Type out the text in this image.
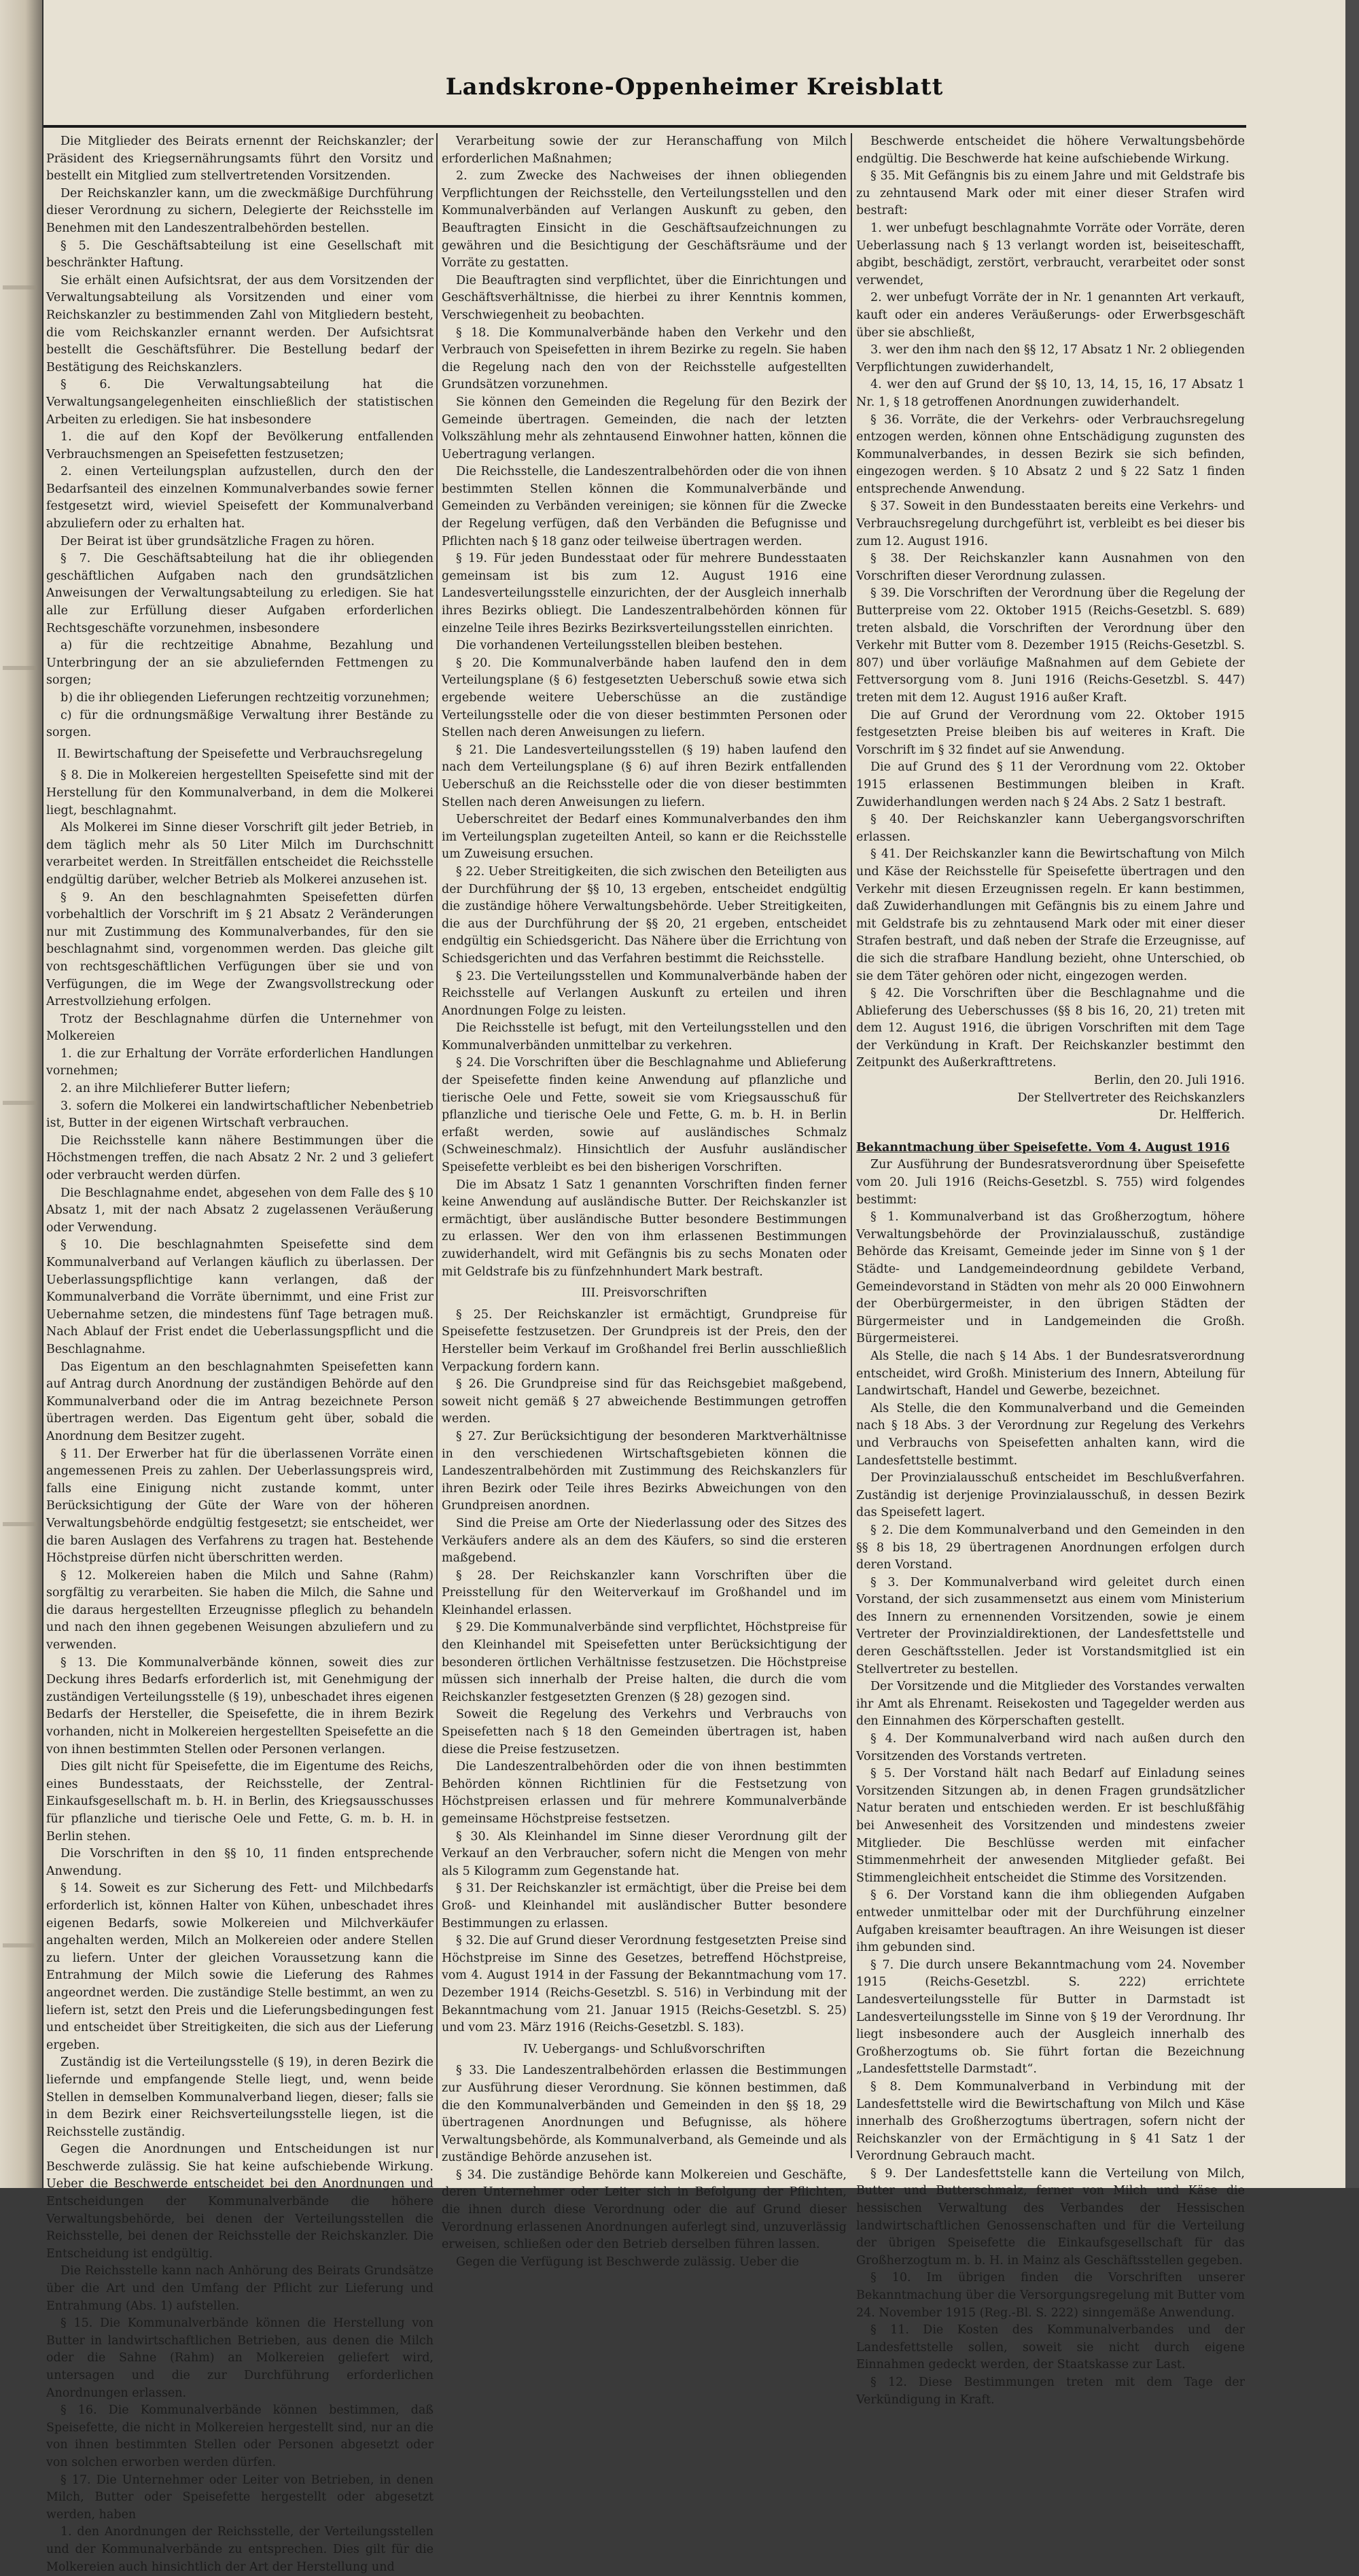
Landskrone-Oppenheimer Kreisblatt

Die Mitglieder des Beirats ernennt der Reichskanzler; der Präsident des Kriegsernährungsamts führt den Vorsitz und bestellt ein Mitglied zum stellvertretenden Vorsitzenden.

Der Reichskanzler kann, um die zweckmäßige Durchführung dieser Verordnung zu sichern, Delegierte der Reichsstelle im Benehmen mit den Landeszentralbehörden bestellen.

§ 5. Die Geschäftsabteilung ist eine Gesellschaft mit beschränkter Haftung.

Sie erhält einen Aufsichtsrat, der aus dem Vorsitzenden der Verwaltungsabteilung als Vorsitzenden und einer vom Reichskanzler zu bestimmenden Zahl von Mitgliedern besteht, die vom Reichskanzler ernannt werden. Der Aufsichtsrat bestellt die Geschäftsführer. Die Bestellung bedarf der Bestätigung des Reichskanzlers.

§ 6. Die Verwaltungsabteilung hat die Verwaltungsangelegenheiten einschließlich der statistischen Arbeiten zu erledigen. Sie hat insbesondere

1. die auf den Kopf der Bevölkerung entfallenden Verbrauchsmengen an Speisefetten festzusetzen;

2. einen Verteilungsplan aufzustellen, durch den der Bedarfsanteil des einzelnen Kommunalverbandes sowie ferner festgesetzt wird, wieviel Speisefett der Kommunalverband abzuliefern oder zu erhalten hat.

Der Beirat ist über grundsätzliche Fragen zu hören.

§ 7. Die Geschäftsabteilung hat die ihr obliegenden geschäftlichen Aufgaben nach den grundsätzlichen Anweisungen der Verwaltungsabteilung zu erledigen. Sie hat alle zur Erfüllung dieser Aufgaben erforderlichen Rechtsgeschäfte vorzunehmen, insbesondere

a) für die rechtzeitige Abnahme, Bezahlung und Unterbringung der an sie abzuliefernden Fettmengen zu sorgen;

b) die ihr obliegenden Lieferungen rechtzeitig vorzunehmen;

c) für die ordnungsmäßige Verwaltung ihrer Bestände zu sorgen.

II. Bewirtschaftung der Speisefette und Verbrauchsregelung

§ 8. Die in Molkereien hergestellten Speisefette sind mit der Herstellung für den Kommunalverband, in dem die Molkerei liegt, beschlagnahmt.

Als Molkerei im Sinne dieser Vorschrift gilt jeder Betrieb, in dem täglich mehr als 50 Liter Milch im Durchschnitt verarbeitet werden. In Streitfällen entscheidet die Reichsstelle endgültig darüber, welcher Betrieb als Molkerei anzusehen ist.

§ 9. An den beschlagnahmten Speisefetten dürfen vorbehaltlich der Vorschrift im § 21 Absatz 2 Veränderungen nur mit Zustimmung des Kommunalverbandes, für den sie beschlagnahmt sind, vorgenommen werden. Das gleiche gilt von rechtsgeschäftlichen Verfügungen über sie und von Verfügungen, die im Wege der Zwangsvollstreckung oder Arrestvollziehung erfolgen.

Trotz der Beschlagnahme dürfen die Unternehmer von Molkereien

1. die zur Erhaltung der Vorräte erforderlichen Handlungen vornehmen;

2. an ihre Milchlieferer Butter liefern;

3. sofern die Molkerei ein landwirtschaftlicher Nebenbetrieb ist, Butter in der eigenen Wirtschaft verbrauchen.

Die Reichsstelle kann nähere Bestimmungen über die Höchstmengen treffen, die nach Absatz 2 Nr. 2 und 3 geliefert oder verbraucht werden dürfen.

Die Beschlagnahme endet, abgesehen von dem Falle des § 10 Absatz 1, mit der nach Absatz 2 zugelassenen Veräußerung oder Verwendung.

§ 10. Die beschlagnahmten Speisefette sind dem Kommunalverband auf Verlangen käuflich zu überlassen. Der Ueberlassungspflichtige kann verlangen, daß der Kommunalverband die Vorräte übernimmt, und eine Frist zur Uebernahme setzen, die mindestens fünf Tage betragen muß. Nach Ablauf der Frist endet die Ueberlassungspflicht und die Beschlagnahme.

Das Eigentum an den beschlagnahmten Speisefetten kann auf Antrag durch Anordnung der zuständigen Behörde auf den Kommunalverband oder die im Antrag bezeichnete Person übertragen werden. Das Eigentum geht über, sobald die Anordnung dem Besitzer zugeht.

§ 11. Der Erwerber hat für die überlassenen Vorräte einen angemessenen Preis zu zahlen. Der Ueberlassungspreis wird, falls eine Einigung nicht zustande kommt, unter Berücksichtigung der Güte der Ware von der höheren Verwaltungsbehörde endgültig festgesetzt; sie entscheidet, wer die baren Auslagen des Verfahrens zu tragen hat. Bestehende Höchstpreise dürfen nicht überschritten werden.

§ 12. Molkereien haben die Milch und Sahne (Rahm) sorgfältig zu verarbeiten. Sie haben die Milch, die Sahne und die daraus hergestellten Erzeugnisse pfleglich zu behandeln und nach den ihnen gegebenen Weisungen abzuliefern und zu verwenden.

§ 13. Die Kommunalverbände können, soweit dies zur Deckung ihres Bedarfs erforderlich ist, mit Genehmigung der zuständigen Verteilungsstelle (§ 19), unbeschadet ihres eigenen Bedarfs der Hersteller, die Speisefette, die in ihrem Bezirk vorhanden, nicht in Molkereien hergestellten Speisefette an die von ihnen bestimmten Stellen oder Personen verlangen.

Dies gilt nicht für Speisefette, die im Eigentume des Reichs, eines Bundesstaats, der Reichsstelle, der Zentral-Einkaufsgesellschaft m. b. H. in Berlin, des Kriegsausschusses für pflanzliche und tierische Oele und Fette, G. m. b. H. in Berlin stehen.

Die Vorschriften in den §§ 10, 11 finden entsprechende Anwendung.

§ 14. Soweit es zur Sicherung des Fett- und Milchbedarfs erforderlich ist, können Halter von Kühen, unbeschadet ihres eigenen Bedarfs, sowie Molkereien und Milchverkäufer angehalten werden, Milch an Molkereien oder andere Stellen zu liefern. Unter der gleichen Voraussetzung kann die Entrahmung der Milch sowie die Lieferung des Rahmes angeordnet werden. Die zuständige Stelle bestimmt, an wen zu liefern ist, setzt den Preis und die Lieferungsbedingungen fest und entscheidet über Streitigkeiten, die sich aus der Lieferung ergeben.

Zuständig ist die Verteilungsstelle (§ 19), in deren Bezirk die liefernde und empfangende Stelle liegt, und, wenn beide Stellen in demselben Kommunalverband liegen, dieser; falls sie in dem Bezirk einer Reichsverteilungsstelle liegen, ist die Reichsstelle zuständig.

Gegen die Anordnungen und Entscheidungen ist nur Beschwerde zulässig. Sie hat keine aufschiebende Wirkung. Ueber die Beschwerde entscheidet bei den Anordnungen und Entscheidungen der Kommunalverbände die höhere Verwaltungsbehörde, bei denen der Verteilungsstellen die Reichsstelle, bei denen der Reichsstelle der Reichskanzler. Die Entscheidung ist endgültig.

Die Reichsstelle kann nach Anhörung des Beirats Grundsätze über die Art und den Umfang der Pflicht zur Lieferung und Entrahmung (Abs. 1) aufstellen.

§ 15. Die Kommunalverbände können die Herstellung von Butter in landwirtschaftlichen Betrieben, aus denen die Milch oder die Sahne (Rahm) an Molkereien geliefert wird, untersagen und die zur Durchführung erforderlichen Anordnungen erlassen.

§ 16. Die Kommunalverbände können bestimmen, daß Speisefette, die nicht in Molkereien hergestellt sind, nur an die von ihnen bestimmten Stellen oder Personen abgesetzt oder von solchen erworben werden dürfen.

§ 17. Die Unternehmer oder Leiter von Betrieben, in denen Milch, Butter oder Speisefette hergestellt oder abgesetzt werden, haben

1. den Anordnungen der Reichsstelle, der Verteilungsstellen und der Kommunalverbände zu entsprechen. Dies gilt für die Molkereien auch hinsichtlich der Art der Herstellung und

Verarbeitung sowie der zur Heranschaffung von Milch erforderlichen Maßnahmen;

2. zum Zwecke des Nachweises der ihnen obliegenden Verpflichtungen der Reichsstelle, den Verteilungsstellen und den Kommunalverbänden auf Verlangen Auskunft zu geben, den Beauftragten Einsicht in die Geschäftsaufzeichnungen zu gewähren und die Besichtigung der Geschäftsräume und der Vorräte zu gestatten.

Die Beauftragten sind verpflichtet, über die Einrichtungen und Geschäftsverhältnisse, die hierbei zu ihrer Kenntnis kommen, Verschwiegenheit zu beobachten.

§ 18. Die Kommunalverbände haben den Verkehr und den Verbrauch von Speisefetten in ihrem Bezirke zu regeln. Sie haben die Regelung nach den von der Reichsstelle aufgestellten Grundsätzen vorzunehmen.

Sie können den Gemeinden die Regelung für den Bezirk der Gemeinde übertragen. Gemeinden, die nach der letzten Volkszählung mehr als zehntausend Einwohner hatten, können die Uebertragung verlangen.

Die Reichsstelle, die Landeszentralbehörden oder die von ihnen bestimmten Stellen können die Kommunalverbände und Gemeinden zu Verbänden vereinigen; sie können für die Zwecke der Regelung verfügen, daß den Verbänden die Befugnisse und Pflichten nach § 18 ganz oder teilweise übertragen werden.

§ 19. Für jeden Bundesstaat oder für mehrere Bundesstaaten gemeinsam ist bis zum 12. August 1916 eine Landesverteilungsstelle einzurichten, der der Ausgleich innerhalb ihres Bezirks obliegt. Die Landeszentralbehörden können für einzelne Teile ihres Bezirks Bezirksverteilungsstellen einrichten.

Die vorhandenen Verteilungsstellen bleiben bestehen.

§ 20. Die Kommunalverbände haben laufend den in dem Verteilungsplane (§ 6) festgesetzten Ueberschuß sowie etwa sich ergebende weitere Ueberschüsse an die zuständige Verteilungsstelle oder die von dieser bestimmten Personen oder Stellen nach deren Anweisungen zu liefern.

§ 21. Die Landesverteilungsstellen (§ 19) haben laufend den nach dem Verteilungsplane (§ 6) auf ihren Bezirk entfallenden Ueberschuß an die Reichsstelle oder die von dieser bestimmten Stellen nach deren Anweisungen zu liefern.

Ueberschreitet der Bedarf eines Kommunalverbandes den ihm im Verteilungsplan zugeteilten Anteil, so kann er die Reichsstelle um Zuweisung ersuchen.

§ 22. Ueber Streitigkeiten, die sich zwischen den Beteiligten aus der Durchführung der §§ 10, 13 ergeben, entscheidet endgültig die zuständige höhere Verwaltungsbehörde. Ueber Streitigkeiten, die aus der Durchführung der §§ 20, 21 ergeben, entscheidet endgültig ein Schiedsgericht. Das Nähere über die Errichtung von Schiedsgerichten und das Verfahren bestimmt die Reichsstelle.

§ 23. Die Verteilungsstellen und Kommunalverbände haben der Reichsstelle auf Verlangen Auskunft zu erteilen und ihren Anordnungen Folge zu leisten.

Die Reichsstelle ist befugt, mit den Verteilungsstellen und den Kommunalverbänden unmittelbar zu verkehren.

§ 24. Die Vorschriften über die Beschlagnahme und Ablieferung der Speisefette finden keine Anwendung auf pflanzliche und tierische Oele und Fette, soweit sie vom Kriegsausschuß für pflanzliche und tierische Oele und Fette, G. m. b. H. in Berlin erfaßt werden, sowie auf ausländisches Schmalz (Schweineschmalz). Hinsichtlich der Ausfuhr ausländischer Speisefette verbleibt es bei den bisherigen Vorschriften.

Die im Absatz 1 Satz 1 genannten Vorschriften finden ferner keine Anwendung auf ausländische Butter. Der Reichskanzler ist ermächtigt, über ausländische Butter besondere Bestimmungen zu erlassen. Wer den von ihm erlassenen Bestimmungen zuwiderhandelt, wird mit Gefängnis bis zu sechs Monaten oder mit Geldstrafe bis zu fünfzehnhundert Mark bestraft.

III. Preisvorschriften

§ 25. Der Reichskanzler ist ermächtigt, Grundpreise für Speisefette festzusetzen. Der Grundpreis ist der Preis, den der Hersteller beim Verkauf im Großhandel frei Berlin ausschließlich Verpackung fordern kann.

§ 26. Die Grundpreise sind für das Reichsgebiet maßgebend, soweit nicht gemäß § 27 abweichende Bestimmungen getroffen werden.

§ 27. Zur Berücksichtigung der besonderen Marktverhältnisse in den verschiedenen Wirtschaftsgebieten können die Landeszentralbehörden mit Zustimmung des Reichskanzlers für ihren Bezirk oder Teile ihres Bezirks Abweichungen von den Grundpreisen anordnen.

Sind die Preise am Orte der Niederlassung oder des Sitzes des Verkäufers andere als an dem des Käufers, so sind die ersteren maßgebend.

§ 28. Der Reichskanzler kann Vorschriften über die Preisstellung für den Weiterverkauf im Großhandel und im Kleinhandel erlassen.

§ 29. Die Kommunalverbände sind verpflichtet, Höchstpreise für den Kleinhandel mit Speisefetten unter Berücksichtigung der besonderen örtlichen Verhältnisse festzusetzen. Die Höchstpreise müssen sich innerhalb der Preise halten, die durch die vom Reichskanzler festgesetzten Grenzen (§ 28) gezogen sind.

Soweit die Regelung des Verkehrs und Verbrauchs von Speisefetten nach § 18 den Gemeinden übertragen ist, haben diese die Preise festzusetzen.

Die Landeszentralbehörden oder die von ihnen bestimmten Behörden können Richtlinien für die Festsetzung von Höchstpreisen erlassen und für mehrere Kommunalverbände gemeinsame Höchstpreise festsetzen.

§ 30. Als Kleinhandel im Sinne dieser Verordnung gilt der Verkauf an den Verbraucher, sofern nicht die Mengen von mehr als 5 Kilogramm zum Gegenstande hat.

§ 31. Der Reichskanzler ist ermächtigt, über die Preise bei dem Groß- und Kleinhandel mit ausländischer Butter besondere Bestimmungen zu erlassen.

§ 32. Die auf Grund dieser Verordnung festgesetzten Preise sind Höchstpreise im Sinne des Gesetzes, betreffend Höchstpreise, vom 4. August 1914 in der Fassung der Bekanntmachung vom 17. Dezember 1914 (Reichs-Gesetzbl. S. 516) in Verbindung mit der Bekanntmachung vom 21. Januar 1915 (Reichs-Gesetzbl. S. 25) und vom 23. März 1916 (Reichs-Gesetzbl. S. 183).

IV. Uebergangs- und Schlußvorschriften

§ 33. Die Landeszentralbehörden erlassen die Bestimmungen zur Ausführung dieser Verordnung. Sie können bestimmen, daß die den Kommunalverbänden und Gemeinden in den §§ 18, 29 übertragenen Anordnungen und Befugnisse, als höhere Verwaltungsbehörde, als Kommunalverband, als Gemeinde und als zuständige Behörde anzusehen ist.

§ 34. Die zuständige Behörde kann Molkereien und Geschäfte, deren Unternehmer oder Leiter sich in Befolgung der Pflichten, die ihnen durch diese Verordnung oder die auf Grund dieser Verordnung erlassenen Anordnungen auferlegt sind, unzuverlässig erweisen, schließen oder den Betrieb derselben führen lassen.

Gegen die Verfügung ist Beschwerde zulässig. Ueber die

Beschwerde entscheidet die höhere Verwaltungsbehörde endgültig. Die Beschwerde hat keine aufschiebende Wirkung.

§ 35. Mit Gefängnis bis zu einem Jahre und mit Geldstrafe bis zu zehntausend Mark oder mit einer dieser Strafen wird bestraft:

1. wer unbefugt beschlagnahmte Vorräte oder Vorräte, deren Ueberlassung nach § 13 verlangt worden ist, beiseiteschafft, abgibt, beschädigt, zerstört, verbraucht, verarbeitet oder sonst verwendet,

2. wer unbefugt Vorräte der in Nr. 1 genannten Art verkauft, kauft oder ein anderes Veräußerungs- oder Erwerbsgeschäft über sie abschließt,

3. wer den ihm nach den §§ 12, 17 Absatz 1 Nr. 2 obliegenden Verpflichtungen zuwiderhandelt,

4. wer den auf Grund der §§ 10, 13, 14, 15, 16, 17 Absatz 1 Nr. 1, § 18 getroffenen Anordnungen zuwiderhandelt.

§ 36. Vorräte, die der Verkehrs- oder Verbrauchsregelung entzogen werden, können ohne Entschädigung zugunsten des Kommunalverbandes, in dessen Bezirk sie sich befinden, eingezogen werden. § 10 Absatz 2 und § 22 Satz 1 finden entsprechende Anwendung.

§ 37. Soweit in den Bundesstaaten bereits eine Verkehrs- und Verbrauchsregelung durchgeführt ist, verbleibt es bei dieser bis zum 12. August 1916.

§ 38. Der Reichskanzler kann Ausnahmen von den Vorschriften dieser Verordnung zulassen.

§ 39. Die Vorschriften der Verordnung über die Regelung der Butterpreise vom 22. Oktober 1915 (Reichs-Gesetzbl. S. 689) treten alsbald, die Vorschriften der Verordnung über den Verkehr mit Butter vom 8. Dezember 1915 (Reichs-Gesetzbl. S. 807) und über vorläufige Maßnahmen auf dem Gebiete der Fettversorgung vom 8. Juni 1916 (Reichs-Gesetzbl. S. 447) treten mit dem 12. August 1916 außer Kraft.

Die auf Grund der Verordnung vom 22. Oktober 1915 festgesetzten Preise bleiben bis auf weiteres in Kraft. Die Vorschrift im § 32 findet auf sie Anwendung.

Die auf Grund des § 11 der Verordnung vom 22. Oktober 1915 erlassenen Bestimmungen bleiben in Kraft. Zuwiderhandlungen werden nach § 24 Abs. 2 Satz 1 bestraft.

§ 40. Der Reichskanzler kann Uebergangsvorschriften erlassen.

§ 41. Der Reichskanzler kann die Bewirtschaftung von Milch und Käse der Reichsstelle für Speisefette übertragen und den Verkehr mit diesen Erzeugnissen regeln. Er kann bestimmen, daß Zuwiderhandlungen mit Gefängnis bis zu einem Jahre und mit Geldstrafe bis zu zehntausend Mark oder mit einer dieser Strafen bestraft, und daß neben der Strafe die Erzeugnisse, auf die sich die strafbare Handlung bezieht, ohne Unterschied, ob sie dem Täter gehören oder nicht, eingezogen werden.

§ 42. Die Vorschriften über die Beschlagnahme und die Ablieferung des Ueberschusses (§§ 8 bis 16, 20, 21) treten mit dem 12. August 1916, die übrigen Vorschriften mit dem Tage der Verkündung in Kraft. Der Reichskanzler bestimmt den Zeitpunkt des Außerkrafttretens.

Berlin, den 20. Juli 1916.

Der Stellvertreter des Reichskanzlers

Dr. Helfferich.

Bekanntmachung über Speisefette. Vom 4. August 1916

Zur Ausführung der Bundesratsverordnung über Speisefette vom 20. Juli 1916 (Reichs-Gesetzbl. S. 755) wird folgendes bestimmt:

§ 1. Kommunalverband ist das Großherzogtum, höhere Verwaltungsbehörde der Provinzialausschuß, zuständige Behörde das Kreisamt, Gemeinde jeder im Sinne von § 1 der Städte- und Landgemeindeordnung gebildete Verband, Gemeindevorstand in Städten von mehr als 20 000 Einwohnern der Oberbürgermeister, in den übrigen Städten der Bürgermeister und in Landgemeinden die Großh. Bürgermeisterei.

Als Stelle, die nach § 14 Abs. 1 der Bundesratsverordnung entscheidet, wird Großh. Ministerium des Innern, Abteilung für Landwirtschaft, Handel und Gewerbe, bezeichnet.

Als Stelle, die den Kommunalverband und die Gemeinden nach § 18 Abs. 3 der Verordnung zur Regelung des Verkehrs und Verbrauchs von Speisefetten anhalten kann, wird die Landesfettstelle bestimmt.

Der Provinzialausschuß entscheidet im Beschlußverfahren. Zuständig ist derjenige Provinzialausschuß, in dessen Bezirk das Speisefett lagert.

§ 2. Die dem Kommunalverband und den Gemeinden in den §§ 8 bis 18, 29 übertragenen Anordnungen erfolgen durch deren Vorstand.

§ 3. Der Kommunalverband wird geleitet durch einen Vorstand, der sich zusammensetzt aus einem vom Ministerium des Innern zu ernennenden Vorsitzenden, sowie je einem Vertreter der Provinzialdirektionen, der Landesfettstelle und deren Geschäftsstellen. Jeder ist Vorstandsmitglied ist ein Stellvertreter zu bestellen.

Der Vorsitzende und die Mitglieder des Vorstandes verwalten ihr Amt als Ehrenamt. Reisekosten und Tagegelder werden aus den Einnahmen des Körperschaften gestellt.

§ 4. Der Kommunalverband wird nach außen durch den Vorsitzenden des Vorstands vertreten.

§ 5. Der Vorstand hält nach Bedarf auf Einladung seines Vorsitzenden Sitzungen ab, in denen Fragen grundsätzlicher Natur beraten und entschieden werden. Er ist beschlußfähig bei Anwesenheit des Vorsitzenden und mindestens zweier Mitglieder. Die Beschlüsse werden mit einfacher Stimmenmehrheit der anwesenden Mitglieder gefaßt. Bei Stimmengleichheit entscheidet die Stimme des Vorsitzenden.

§ 6. Der Vorstand kann die ihm obliegenden Aufgaben entweder unmittelbar oder mit der Durchführung einzelner Aufgaben kreisamter beauftragen. An ihre Weisungen ist dieser ihm gebunden sind.

§ 7. Die durch unsere Bekanntmachung vom 24. November 1915 (Reichs-Gesetzbl. S. 222) errichtete Landesverteilungsstelle für Butter in Darmstadt ist Landesverteilungsstelle im Sinne von § 19 der Verordnung. Ihr liegt insbesondere auch der Ausgleich innerhalb des Großherzogtums ob. Sie führt fortan die Bezeichnung „Landesfettstelle Darmstadt“.

§ 8. Dem Kommunalverband in Verbindung mit der Landesfettstelle wird die Bewirtschaftung von Milch und Käse innerhalb des Großherzogtums übertragen, sofern nicht der Reichskanzler von der Ermächtigung in § 41 Satz 1 der Verordnung Gebrauch macht.

§ 9. Der Landesfettstelle kann die Verteilung von Milch, Butter und Butterschmalz, ferner von Milch und Käse die hessischen Verwaltung des Verbandes der Hessischen landwirtschaftlichen Genossenschaften und für die Verteilung der übrigen Speisefette die Einkaufsgesellschaft für das Großherzogtum m. b. H. in Mainz als Geschäftsstellen gegeben.

§ 10. Im übrigen finden die Vorschriften unserer Bekanntmachung über die Versorgungsregelung mit Butter vom 24. November 1915 (Reg.-Bl. S. 222) sinngemäße Anwendung.

§ 11. Die Kosten des Kommunalverbandes und der Landesfettstelle sollen, soweit sie nicht durch eigene Einnahmen gedeckt werden, der Staatskasse zur Last.

§ 12. Diese Bestimmungen treten mit dem Tage der Verkündigung in Kraft.
